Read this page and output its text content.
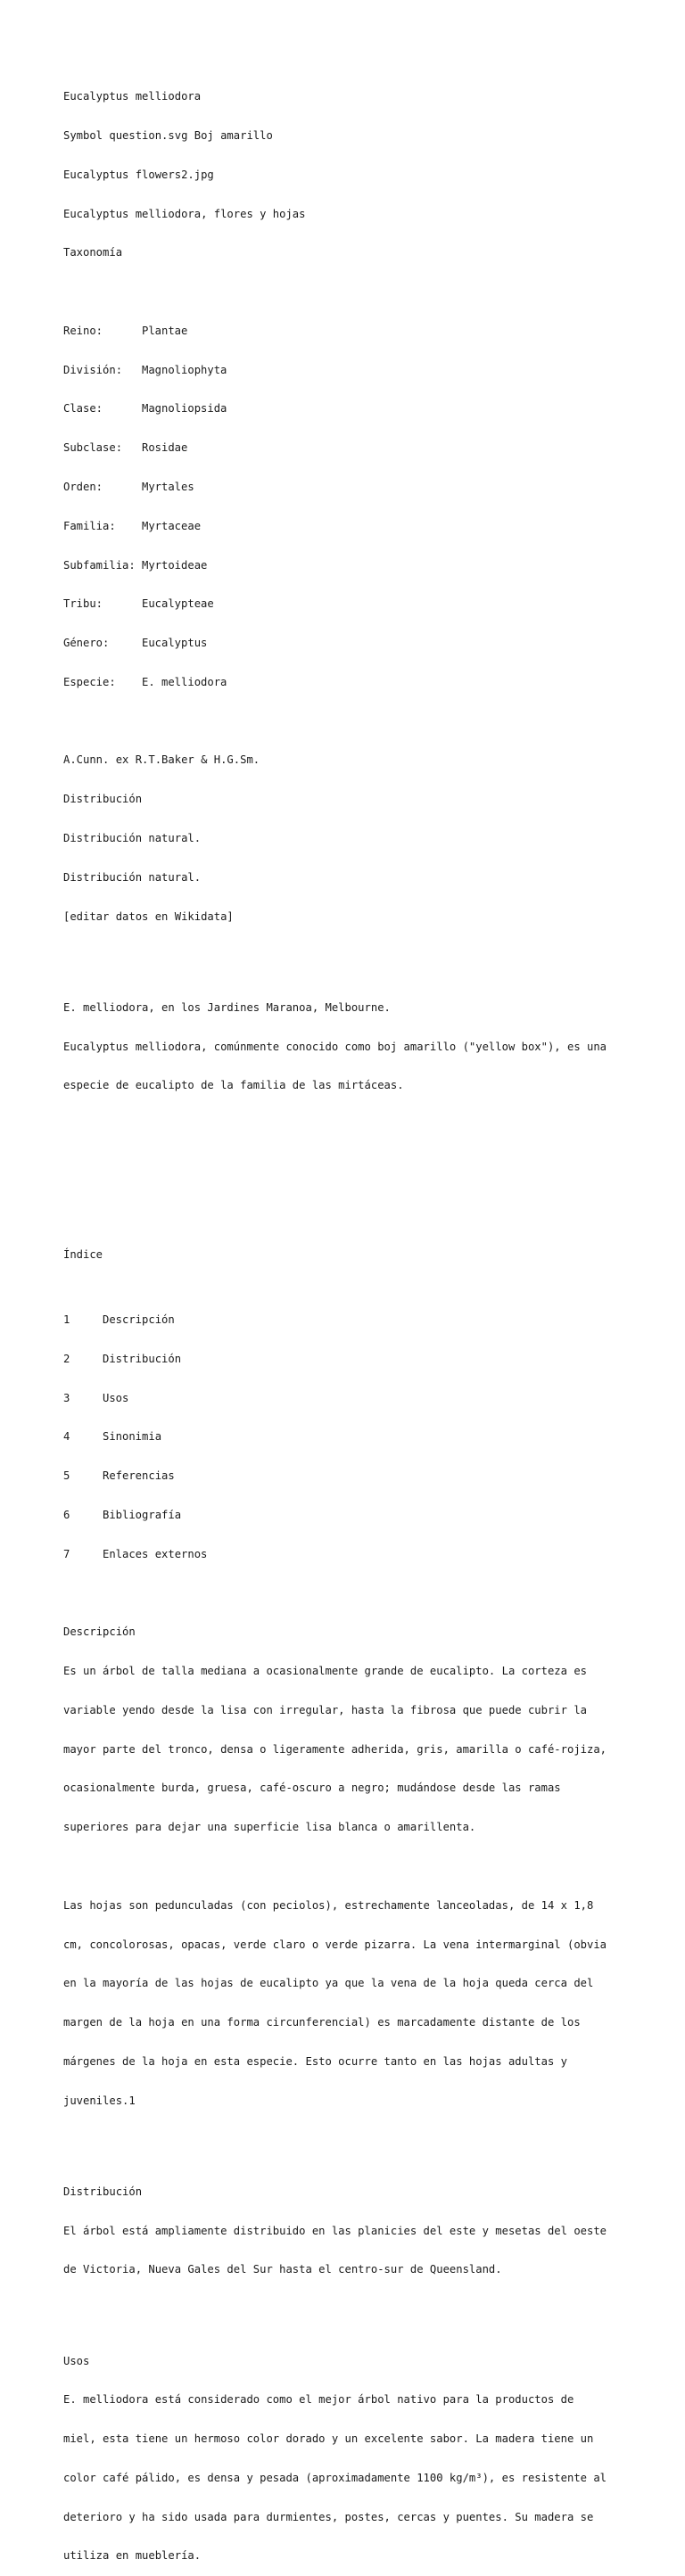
Eucalyptus melliodora

Symbol question.svg Boj amarillo

Eucalyptus flowers2.jpg

Eucalyptus melliodora, flores y hojas

Taxonomía

Reino:	Plantae

División: Magnoliophyta

Clase:	Magnoliopsida

Subclase: Rosidae

Orden:	Myrtales

Familia: Myrtaceae

Subfamilia: Myrtoideae

Tribu:	Eucalypteae

Género:	Eucalyptus

Especie: E. melliodora

A.Cunn. ex R.T.Baker & H.G.Sm.

Distribución

Distribución natural.

Distribución natural.

[editar datos en Wikidata]

E. melliodora, en los Jardines Maranoa, Melbourne.

Eucalyptus melliodora, comúnmente conocido como boj amarillo ("yellow box"), es una

especie de eucalipto de la familia de las mirtáceas.

Índice

1	Descripción

2	Distribución

3	Usos

4	Sinonimia

5	Referencias

6	Bibliografía

7	Enlaces externos

Descripción

Es un árbol de talla mediana a ocasionalmente grande de eucalipto. La corteza es

variable yendo desde la lisa con irregular, hasta la fibrosa que puede cubrir la

mayor parte del tronco, densa o ligeramente adherida, gris, amarilla o café-rojiza,

ocasionalmente burda, gruesa, café-oscuro a negro; mudándose desde las ramas

superiores para dejar una superficie lisa blanca o amarillenta.

Las hojas son pedunculadas (con peciolos), estrechamente lanceoladas, de 14 x 1,8

cm, concolorosas, opacas, verde claro o verde pizarra. La vena intermarginal (obvia

en la mayoría de las hojas de eucalipto ya que la vena de la hoja queda cerca del

margen de la hoja en una forma circunferencial) es marcadamente distante de los

márgenes de la hoja en esta especie. Esto ocurre tanto en las hojas adultas y

juveniles.1

Distribución

El árbol está ampliamente distribuido en las planicies del este y mesetas del oeste

de Victoria, Nueva Gales del Sur hasta el centro-sur de Queensland.

Usos

E. melliodora está considerado como el mejor árbol nativo para la productos de

miel, esta tiene un hermoso color dorado y un excelente sabor. La madera tiene un

color café pálido, es densa y pesada (aproximadamente 1100 kg/m³), es resistente al

deterioro y ha sido usada para durmientes, postes, cercas y puentes. Su madera se

utiliza en mueblería.
